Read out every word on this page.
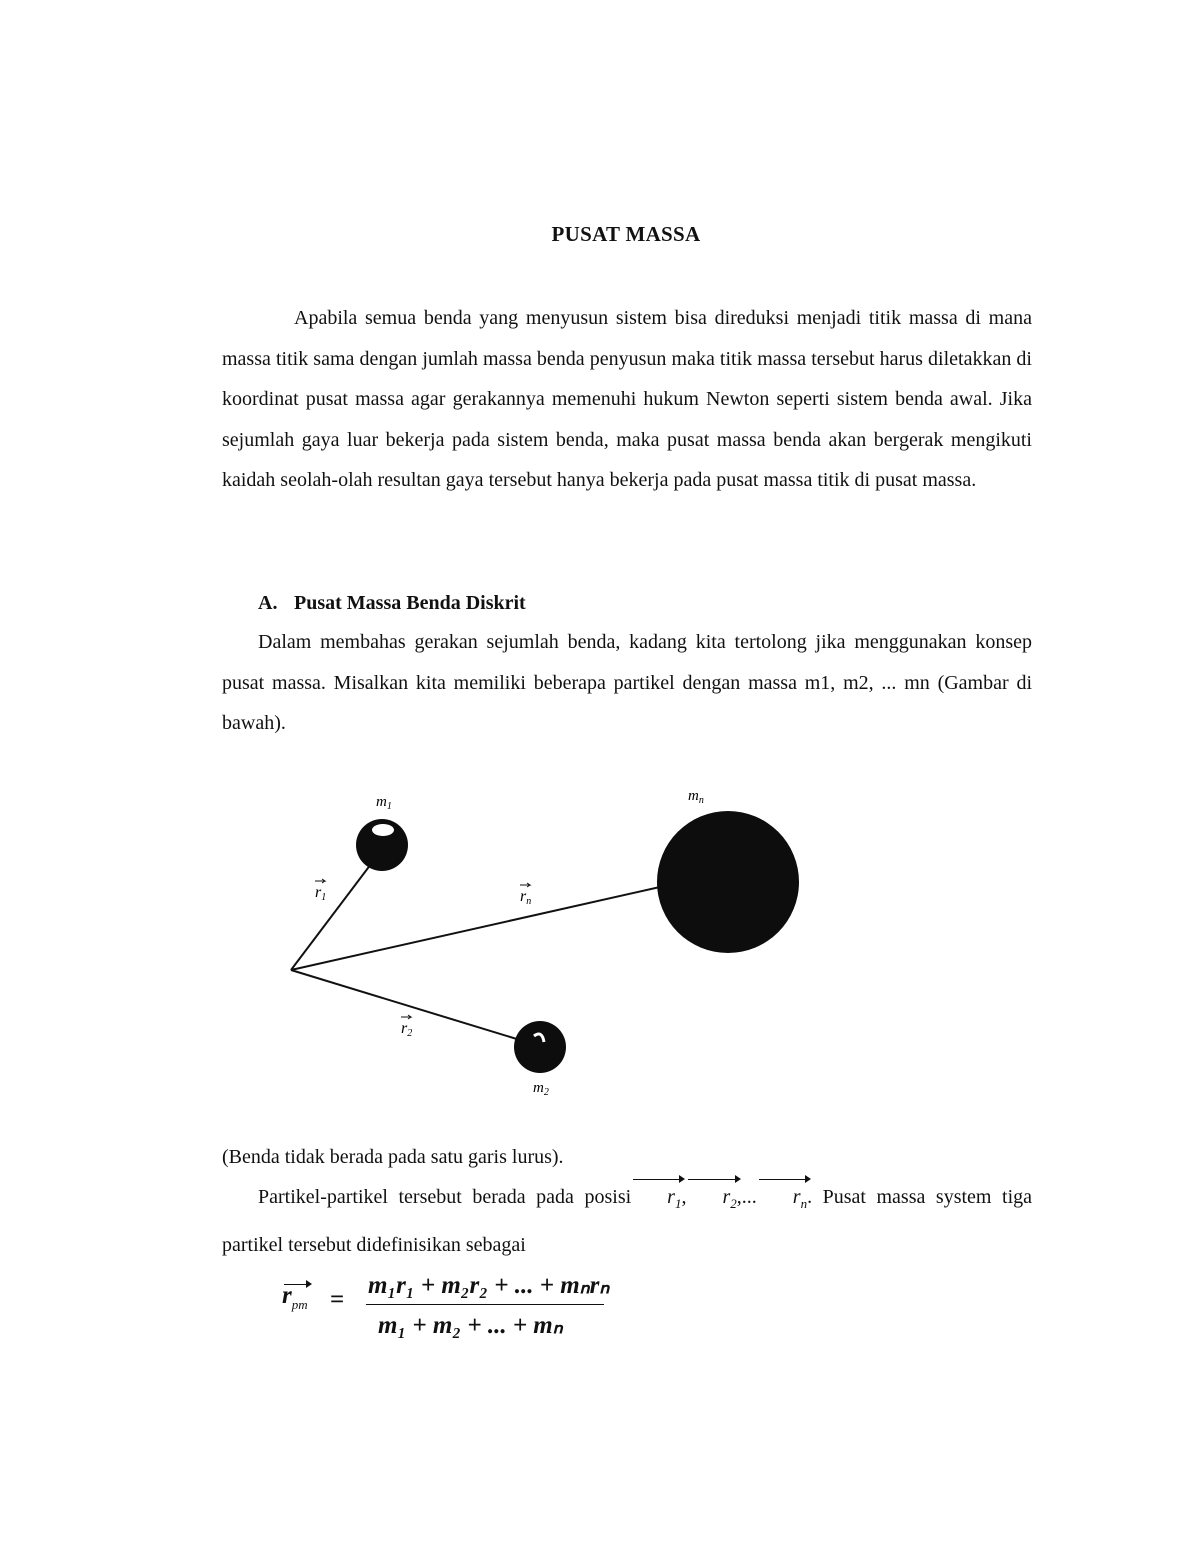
PUSAT MASSA

Apabila semua benda yang menyusun sistem bisa direduksi menjadi titik massa di mana massa titik sama dengan jumlah massa benda penyusun maka titik massa tersebut harus diletakkan di koordinat pusat massa agar gerakannya memenuhi hukum Newton seperti sistem benda awal. Jika sejumlah gaya luar bekerja pada sistem benda, maka pusat massa benda akan bergerak mengikuti kaidah seolah-olah resultan gaya tersebut hanya bekerja pada pusat massa titik di pusat massa.

A. Pusat Massa Benda Diskrit

Dalam membahas gerakan sejumlah benda, kadang kita tertolong jika menggunakan konsep pusat massa. Misalkan kita memiliki beberapa partikel dengan massa m1, m2, ... mn (Gambar di bawah).

$m_1$
$m_n$
$m_2$
r1	rn
r2

(Benda tidak berada pada satu garis lurus).

Partikel-partikel tersebut berada pada posisi $r_1$, $r_2$,... $r_n$. Pusat massa system tiga partikel tersebut didefinisikan sebagai

$r_{pm}$ =
m₁r₁ + m₂r₂ + ... + mₙrₙ
m₁ + m₂ + ... + mₙ
